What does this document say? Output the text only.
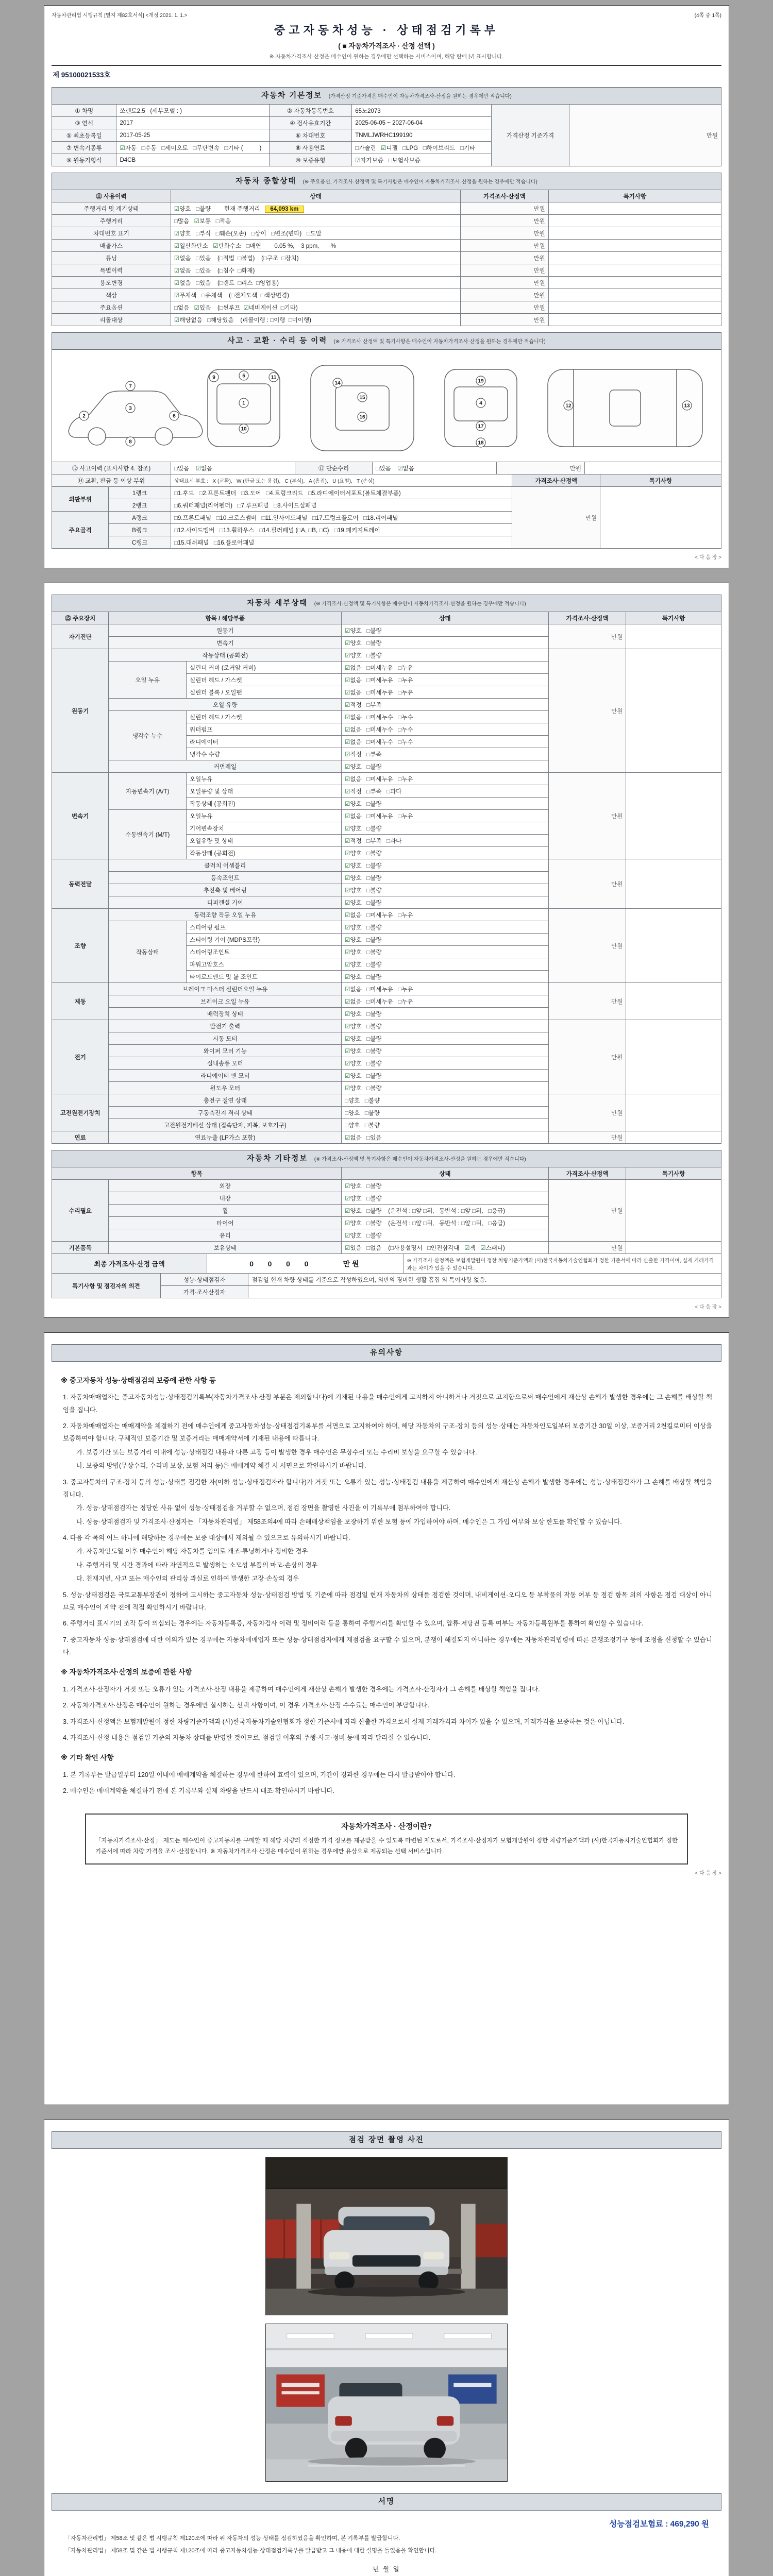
자동차관리법 시행규칙 [별지 제82호서식] <개정 2021. 1. 1.>	(4쪽 중 1쪽)
중고자동차성능 · 상태점검기록부
( ■ 자동차가격조사 · 산정 선택 )
※ 자동차가격조사·산정은 매수인이 원하는 경우에만 선택하는 서비스이며, 해당 란에 [√] 표시합니다.
제 95100021533호
자동차 기본정보 (가격산정 기준가격은 매수인이 자동차가격조사·산정을 원하는 경우에만 적습니다)
① 차명	쏘렌토2.5   (세부모델 : )	② 자동차등록번호	65노2073	가격산정 기준가격	만원
③ 연식	2017	④ 검사유효기간	2025-06-05 ~ 2027-06-04		
⑤ 최초등록일	2017-05-25	⑥ 차대번호	TNMLJWRHC199190		
⑦ 변속기종류	☑자동   □수동   □세미오토   □무단변속   □기타 (          )	⑧ 사용연료	□가솔린   ☑디젤   □LPG   □하이브리드   □기타		
⑨ 원동기형식	D4CB	⑩ 보증유형	☑자가보증   □보험사보증		
자동차 종합상태 (※ 주요옵션, 가격조사·산정액 및 특기사항은 매수인이 자동차가격조사·산정을 원하는 경우에만 적습니다)
⑪ 사용이력	상태	가격조사·산정액	특기사항
주행거리 및 계기상태	☑양호   □불량        현재 주행거리    64,093 km	만원	
주행거리	□많음   ☑보통   □적음	만원	
차대번호 표기	☑양호   □부식   □훼손(오손)   □상이   □변조(변타)   □도말	만원	
배출가스	☑일산화탄소   ☑탄화수소   □매연        0.05 %,    3 ppm,       %	만원	
튜닝	☑없음   □있음    (□적법  □불법)    (□구조  □장치)	만원	
특별이력	☑없음   □있음    (□침수  □화재)	만원	
용도변경	☑없음   □있음    (□렌트  □리스  □영업용)	만원	
색상	☑무채색   □유채색    (□전체도색  □색상변경)	만원	
주요옵션	□없음   ☑있음    (□썬루프  ☑네비게이션  □기타)	만원	
리콜대상	☑해당없음   □해당있음    (리콜이행 : □이행  □미이행)	만원	
사고 · 교환 · 수리 등 이력 (※ 가격조사·산정액 및 특기사항은 매수인이 자동차가격조사·산정을 원하는 경우에만 적습니다)
2
3
6
7
8
1
5
9
10
11
14
15
16
4
19
17
18
12	13
⑫ 사고이력 (표시사항 4. 참조)	□있음    ☑없음	⑬ 단순수리	□있음    ☑없음	만원	
⑭ 교환, 판금 등 이상 부위		상태표시 부호 :   X (교환),   W (판금 또는 용접),   C (부식),   A (흠집),   U (요철),   T (손상)	가격조사·산정액	특기사항
외판부위	1랭크	□1.후드   □2.프론트펜더   □3.도어   □4.트렁크리드   □5.라디에이터서포트(볼트체결부품)	만원	
	2랭크	□6.쿼터패널(리어펜더)   □7.루프패널   □8.사이드실패널		
주요골격	A랭크	□9.프론트패널   □10.크로스멤버   □11.인사이드패널   □17.트렁크플로어   □18.리어패널		
	B랭크	□12.사이드멤버   □13.휠하우스   □14.필러패널 (□A, □B, □C)   □19.패키지트레이		
	C랭크	□15.대쉬패널   □16.플로어패널		
< 다 음 장 >
자동차 세부상태 (※ 가격조사·산정액 및 특기사항은 매수인이 자동차가격조사·산정을 원하는 경우에만 적습니다)
⑮ 주요장치	항목 / 해당부품		상태	가격조사·산정액	특기사항
자기진단	원동기		☑양호   □불량	만원	
	변속기		☑양호   □불량		
원동기	작동상태 (공회전)		☑양호   □불량	만원	
	오일 누유	실린더 커버 (로커암 커버)	☑없음   □미세누유   □누유		
		실린더 헤드 / 가스켓	☑없음   □미세누유   □누유		
		실린더 블록 / 오일팬	☑없음   □미세누유   □누유		
	오일 유량		☑적정   □부족		
	냉각수 누수	실린더 헤드 / 가스켓	☑없음   □미세누수   □누수		
		워터펌프	☑없음   □미세누수   □누수		
		라디에이터	☑없음   □미세누수   □누수		
		냉각수 수량	☑적정   □부족		
	커먼레일		☑양호   □불량		
변속기	자동변속기 (A/T)	오일누유	☑없음   □미세누유   □누유	만원	
		오일유량 및 상태	☑적정   □부족   □과다		
		작동상태 (공회전)	☑양호   □불량		
	수동변속기 (M/T)	오일누유	☑없음   □미세누유   □누유		
		기어변속장치	☑양호   □불량		
		오일유량 및 상태	☑적정   □부족   □과다		
		작동상태 (공회전)	☑양호   □불량		
동력전달	클러치 어셈블리		☑양호   □불량	만원	
	등속조인트		☑양호   □불량		
	추진축 및 베어링		☑양호   □불량		
	디퍼렌셜 기어		☑양호   □불량		
조향	동력조향 작동 오일 누유		☑없음   □미세누유   □누유	만원	
	작동상태	스티어링 펌프	☑양호   □불량		
		스티어링 기어 (MDPS포함)	☑양호   □불량		
		스티어링조인트	☑양호   □불량		
		파워고압호스	☑양호   □불량		
		타이로드엔드 및 볼 조인트	☑양호   □불량		
제동	브레이크 마스터 실린더오일 누유		☑없음   □미세누유   □누유	만원	
	브레이크 오일 누유		☑없음   □미세누유   □누유		
	배력장치 상태		☑양호   □불량		
전기	발전기 출력		☑양호   □불량	만원	
	시동 모터		☑양호   □불량		
	와이퍼 모터 기능		☑양호   □불량		
	실내송풍 모터		☑양호   □불량		
	라디에이터 팬 모터		☑양호   □불량		
	윈도우 모터		☑양호   □불량		
고전원전기장치	충전구 절연 상태		□양호   □불량	만원	
	구동축전지 격리 상태		□양호   □불량		
	고전원전기배선 상태 (접속단자, 피복, 보호기구)		□양호   □불량		
연료	연료누출 (LP가스 포함)		☑없음   □있음	만원	
자동차 기타정보 (※ 가격조사·산정액 및 특기사항은 매수인이 자동차가격조사·산정을 원하는 경우에만 적습니다)
항목		상태	가격조사·산정액	특기사항
수리필요	외장	☑양호   □불량	만원	
	내장	☑양호   □불량		
	휠	☑양호   □불량    (운전석 : □앞 □뒤,   동반석 : □앞 □뒤,   □응급)		
	타이어	☑양호   □불량    (운전석 : □앞 □뒤,   동반석 : □앞 □뒤,   □응급)		
	유리	☑양호   □불량		
기본품목	보유상태	☑있음   □없음    (□사용설명서   □안전삼각대   ☑잭   ☑스패너)	만원	
최종 가격조사·산정 금액	0   0   0   0        만원	※ 가격조사·산정액은 보험개발원이 정한 차량기준가액과 (사)한국자동차기술인협회가 정한 기준서에 따라 산출한 가격이며, 실제 거래가격과는 차이가 있을 수 있습니다.
특기사항 및 점검자의 의견	성능·상태점검자	점검일 현재 차량 상태를 기준으로 작성하였으며, 외판의 경미한 생활 흠집 외 특이사항 없음.
	가격·조사산정자	
< 다 음 장 >
유의사항
※ 중고자동차 성능·상태점검의 보증에 관한 사항 등
1. 자동차매매업자는 중고자동차성능·상태점검기록부(자동차가격조사·산정 부분은 제외합니다)에 기재된 내용을 매수인에게 고지하지 아니하거나 거짓으로 고지함으로써 매수인에게 재산상 손해가 발생한 경우에는 그 손해를 배상할 책임을 집니다.
2. 자동차매매업자는 매매계약을 체결하기 전에 매수인에게 중고자동차성능·상태점검기록부를 서면으로 고지하여야 하며, 해당 자동차의 구조·장치 등의 성능·상태는 자동차인도일부터 보증기간 30일 이상, 보증거리 2천킬로미터 이상을 보증하여야 합니다. 구체적인 보증기간 및 보증거리는 매매계약서에 기재된 내용에 따릅니다.
가. 보증기간 또는 보증거리 이내에 성능·상태점검 내용과 다른 고장 등이 발생한 경우 매수인은 무상수리 또는 수리비 보상을 요구할 수 있습니다.
나. 보증의 방법(무상수리, 수리비 보상, 보험 처리 등)은 매매계약 체결 시 서면으로 확인하시기 바랍니다.
3. 중고자동차의 구조·장치 등의 성능·상태를 점검한 자(이하 성능·상태점검자라 합니다)가 거짓 또는 오류가 있는 성능·상태점검 내용을 제공하여 매수인에게 재산상 손해가 발생한 경우에는 성능·상태점검자가 그 손해를 배상할 책임을 집니다.
가. 성능·상태점검자는 정당한 사유 없이 성능·상태점검을 거부할 수 없으며, 점검 장면을 촬영한 사진을 이 기록부에 첨부하여야 합니다.
나. 성능·상태점검자 및 가격조사·산정자는 「자동차관리법」 제58조의4에 따라 손해배상책임을 보장하기 위한 보험 등에 가입하여야 하며, 매수인은 그 가입 여부와 보상 한도를 확인할 수 있습니다.
4. 다음 각 목의 어느 하나에 해당하는 경우에는 보증 대상에서 제외될 수 있으므로 유의하시기 바랍니다.
가. 자동차인도일 이후 매수인이 해당 자동차를 임의로 개조·튜닝하거나 정비한 경우
나. 주행거리 및 시간 경과에 따라 자연적으로 발생하는 소모성 부품의 마모·손상의 경우
다. 천재지변, 사고 또는 매수인의 관리상 과실로 인하여 발생한 고장·손상의 경우
5. 성능·상태점검은 국토교통부장관이 정하여 고시하는 중고자동차 성능·상태점검 방법 및 기준에 따라 점검일 현재 자동차의 상태를 점검한 것이며, 내비게이션·오디오 등 부착물의 작동 여부 등 점검 항목 외의 사항은 점검 대상이 아니므로 매수인이 계약 전에 직접 확인하시기 바랍니다.
6. 주행거리 표시기의 조작 등이 의심되는 경우에는 자동차등록증, 자동차검사 이력 및 정비이력 등을 통하여 주행거리를 확인할 수 있으며, 압류·저당권 등록 여부는 자동차등록원부를 통하여 확인할 수 있습니다.
7. 중고자동차 성능·상태점검에 대한 이의가 있는 경우에는 자동차매매업자 또는 성능·상태점검자에게 재점검을 요구할 수 있으며, 분쟁이 해결되지 아니하는 경우에는 자동차관리법령에 따른 분쟁조정기구 등에 조정을 신청할 수 있습니다.
※ 자동차가격조사·산정의 보증에 관한 사항
1. 가격조사·산정자가 거짓 또는 오류가 있는 가격조사·산정 내용을 제공하여 매수인에게 재산상 손해가 발생한 경우에는 가격조사·산정자가 그 손해를 배상할 책임을 집니다.
2. 자동차가격조사·산정은 매수인이 원하는 경우에만 실시하는 선택 사항이며, 이 경우 가격조사·산정 수수료는 매수인이 부담합니다.
3. 가격조사·산정액은 보험개발원이 정한 차량기준가액과 (사)한국자동차기술인협회가 정한 기준서에 따라 산출한 가격으로서 실제 거래가격과 차이가 있을 수 있으며, 거래가격을 보증하는 것은 아닙니다.
4. 가격조사·산정 내용은 점검일 기준의 자동차 상태를 반영한 것이므로, 점검일 이후의 주행·사고·정비 등에 따라 달라질 수 있습니다.
※ 기타 확인 사항
1. 본 기록부는 발급일부터 120일 이내에 매매계약을 체결하는 경우에 한하여 효력이 있으며, 기간이 경과한 경우에는 다시 발급받아야 합니다.
2. 매수인은 매매계약을 체결하기 전에 본 기록부와 실제 차량을 반드시 대조·확인하시기 바랍니다.
자동차가격조사 · 산정이란?
「자동차가격조사·산정」 제도는 매수인이 중고자동차를 구매할 때 해당 차량의 적정한 가격 정보를 제공받을 수 있도록 마련된 제도로서, 가격조사·산정자가 보험개발원이 정한 차량기준가액과 (사)한국자동차기술인협회가 정한 기준서에 따라 차량 가격을 조사·산정합니다. ※ 자동차가격조사·산정은 매수인이 원하는 경우에만 유상으로 제공되는 선택 서비스입니다.
< 다 음 장 >
점검 장면 촬영 사진
서명
성능점검보험료 : 469,290 원
「자동차관리법」 제58조 및 같은 법 시행규칙 제120조에 따라 위 자동차의 성능·상태를 점검하였음을 확인하며, 본 기록부를 발급합니다.
「자동차관리법」 제58조 및 같은 법 시행규칙 제120조에 따라 중고자동차성능·상태점검기록부를 발급받고 그 내용에 대한 설명을 들었음을 확인합니다.
년 월 일
